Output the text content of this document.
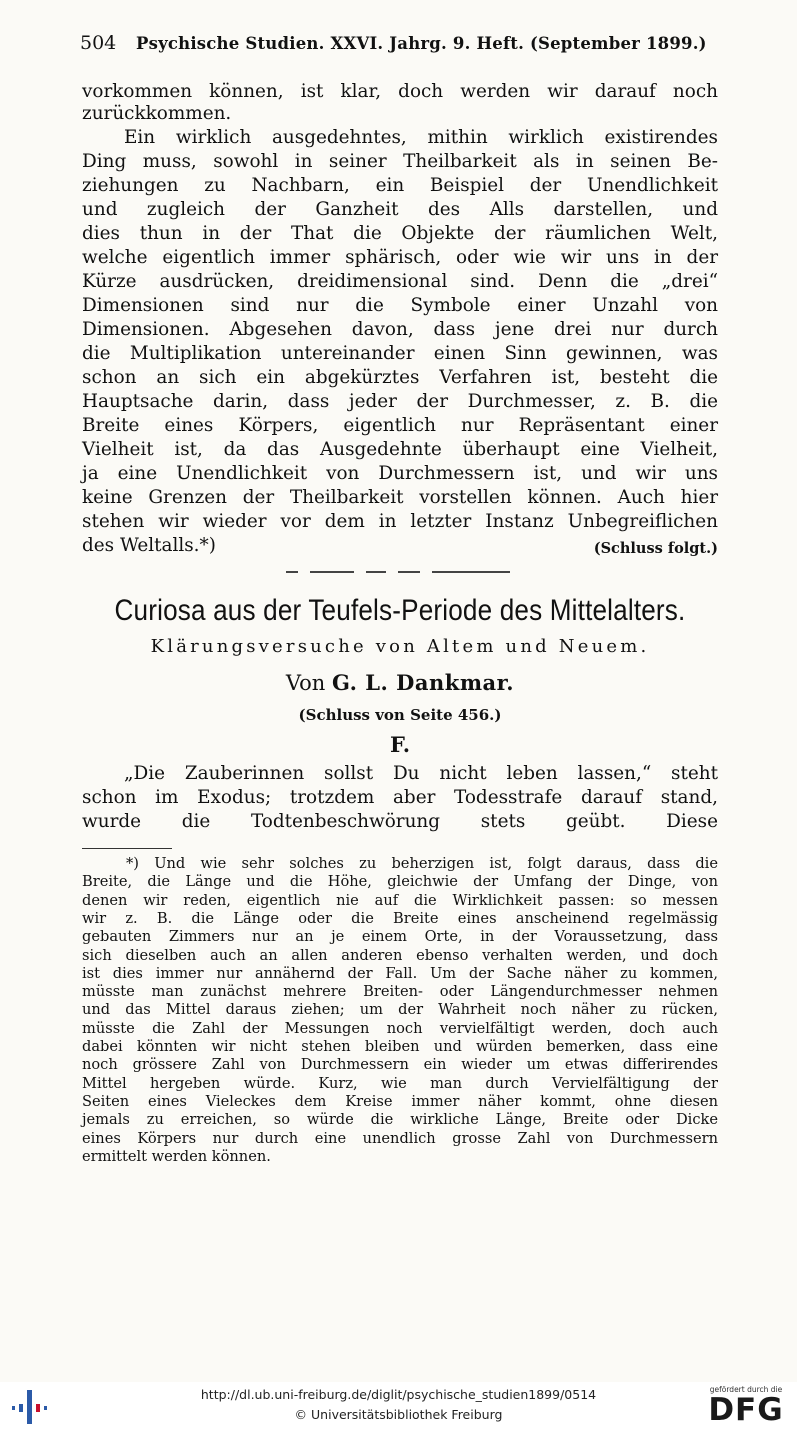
504 Psychische Studien. XXVI. Jahrg. 9. Heft. (September 1899.)
vorkommen können, ist klar, doch werden wir darauf noch
zurückkommen.
Ein wirklich ausgedehntes, mithin wirklich existirendes
Ding muss, sowohl in seiner Theilbarkeit als in seinen Be-
ziehungen zu Nachbarn, ein Beispiel der Unendlichkeit
und zugleich der Ganzheit des Alls darstellen, und
dies thun in der That die Objekte der räumlichen Welt,
welche eigentlich immer sphärisch, oder wie wir uns in der
Kürze ausdrücken, dreidimensional sind. Denn die „drei“
Dimensionen sind nur die Symbole einer Unzahl von
Dimensionen. Abgesehen davon, dass jene drei nur durch
die Multiplikation untereinander einen Sinn gewinnen, was
schon an sich ein abgekürztes Verfahren ist, besteht die
Hauptsache darin, dass jeder der Durchmesser, z. B. die
Breite eines Körpers, eigentlich nur Repräsentant einer
Vielheit ist, da das Ausgedehnte überhaupt eine Vielheit,
ja eine Unendlichkeit von Durchmessern ist, und wir uns
keine Grenzen der Theilbarkeit vorstellen können. Auch hier
stehen wir wieder vor dem in letzter Instanz Unbegreiflichen
des Weltalls.*)	(Schluss folgt.)
Curiosa aus der Teufels-Periode des Mittelalters.
Klärungsversuche von Altem und Neuem.
Von G. L. Dankmar.
(Schluss von Seite 456.)
F.
„Die Zauberinnen sollst Du nicht leben lassen,“ steht
schon im Exodus; trotzdem aber Todesstrafe darauf stand,
wurde die Todtenbeschwörung stets geübt. Diese
*) Und wie sehr solches zu beherzigen ist, folgt daraus, dass die
Breite, die Länge und die Höhe, gleichwie der Umfang der Dinge, von
denen wir reden, eigentlich nie auf die Wirklichkeit passen: so messen
wir z. B. die Länge oder die Breite eines anscheinend regelmässig
gebauten Zimmers nur an je einem Orte, in der Voraussetzung, dass
sich dieselben auch an allen anderen ebenso verhalten werden, und doch
ist dies immer nur annähernd der Fall. Um der Sache näher zu kommen,
müsste man zunächst mehrere Breiten- oder Längendurchmesser nehmen
und das Mittel daraus ziehen; um der Wahrheit noch näher zu rücken,
müsste die Zahl der Messungen noch vervielfältigt werden, doch auch
dabei könnten wir nicht stehen bleiben und würden bemerken, dass eine
noch grössere Zahl von Durchmessern ein wieder um etwas differirendes
Mittel hergeben würde. Kurz, wie man durch Vervielfältigung der
Seiten eines Vieleckes dem Kreise immer näher kommt, ohne diesen
jemals zu erreichen, so würde die wirkliche Länge, Breite oder Dicke
eines Körpers nur durch eine unendlich grosse Zahl von Durchmessern
ermittelt werden können.
http://dl.ub.uni-freiburg.de/diglit/psychische_studien1899/0514
© Universitätsbibliothek Freiburg
gefördert durch die
DFG
